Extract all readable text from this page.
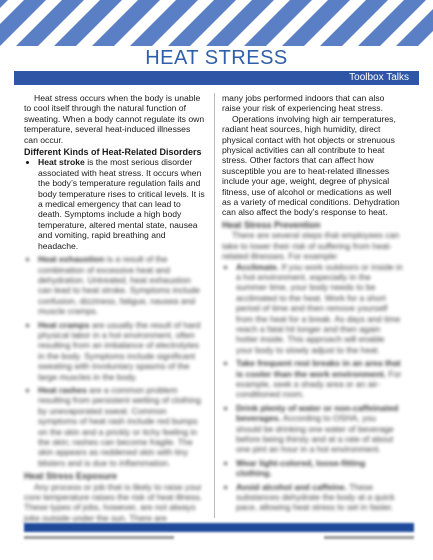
HEAT STRESS
Toolbox Talks

Heat stress occurs when the body is unable to cool itself through the natural function of sweating. When a body cannot regulate its own temperature, several heat-induced illnesses can occur.

Different Kinds of Heat-Related Disorders

• Heat stroke is the most serious disorder associated with heat stress. It occurs when the body’s temperature regulation fails and body temperature rises to critical levels. It is a medical emergency that can lead to death. Symptoms include a high body temperature, altered mental state, nausea and vomiting, rapid breathing and headache.
• Heat exhaustion is a result of the combination of excessive heat and dehydration. Untreated, heat exhaustion can lead to heat stroke. Symptoms include confusion, dizziness, fatigue, nausea and muscle cramps.
• Heat cramps are usually the result of hard physical labor in a hot environment, often resulting from an imbalance of electrolytes in the body. Symptoms include significant sweating with involuntary spasms of the large muscles in the body.
• Heat rashes are a common problem resulting from persistent wetting of clothing by unevaporated sweat. Common symptoms of heat rash include red bumps on the skin and a prickly or itchy feeling in the skin; rashes can become fragile. The skin appears as reddened skin with tiny blisters and is due to inflammation.

Heat Stress Exposure

Any process or job that is likely to raise your core temperature raises the risk of heat illness. These types of jobs, however, are not always jobs outside under the sun. There are

many jobs performed indoors that can also raise your risk of experiencing heat stress.

Operations involving high air temperatures, radiant heat sources, high humidity, direct physical contact with hot objects or strenuous physical activities can all contribute to heat stress. Other factors that can affect how susceptible you are to heat-related illnesses include your age, weight, degree of physical fitness, use of alcohol or medications as well as a variety of medical conditions. Dehydration can also affect the body’s response to heat.

Heat Stress Prevention

There are several steps that employees can take to lower their risk of suffering from heat-related illnesses. For example:

• Acclimate. If you work outdoors or inside in a hot environment, especially in the summer time, your body needs to be acclimated to the heat. Work for a short period of time and then remove yourself from the heat for a break. As days and time reach a fatal hit longer and then again hotter inside. This approach will enable your body to slowly adjust to the heat.
• Take frequent rest breaks in an area that is cooler than the work environment. For example, seek a shady area or an air-conditioned room.
• Drink plenty of water or non-caffeinated beverages. According to OSHA, you should be drinking one water of beverage before being thirsty and at a rate of about one pint an hour in a hot environment.
• Wear light-colored, loose-fitting clothing.
• Avoid alcohol and caffeine. These substances dehydrate the body at a quick pace, allowing heat stress to set in faster.
